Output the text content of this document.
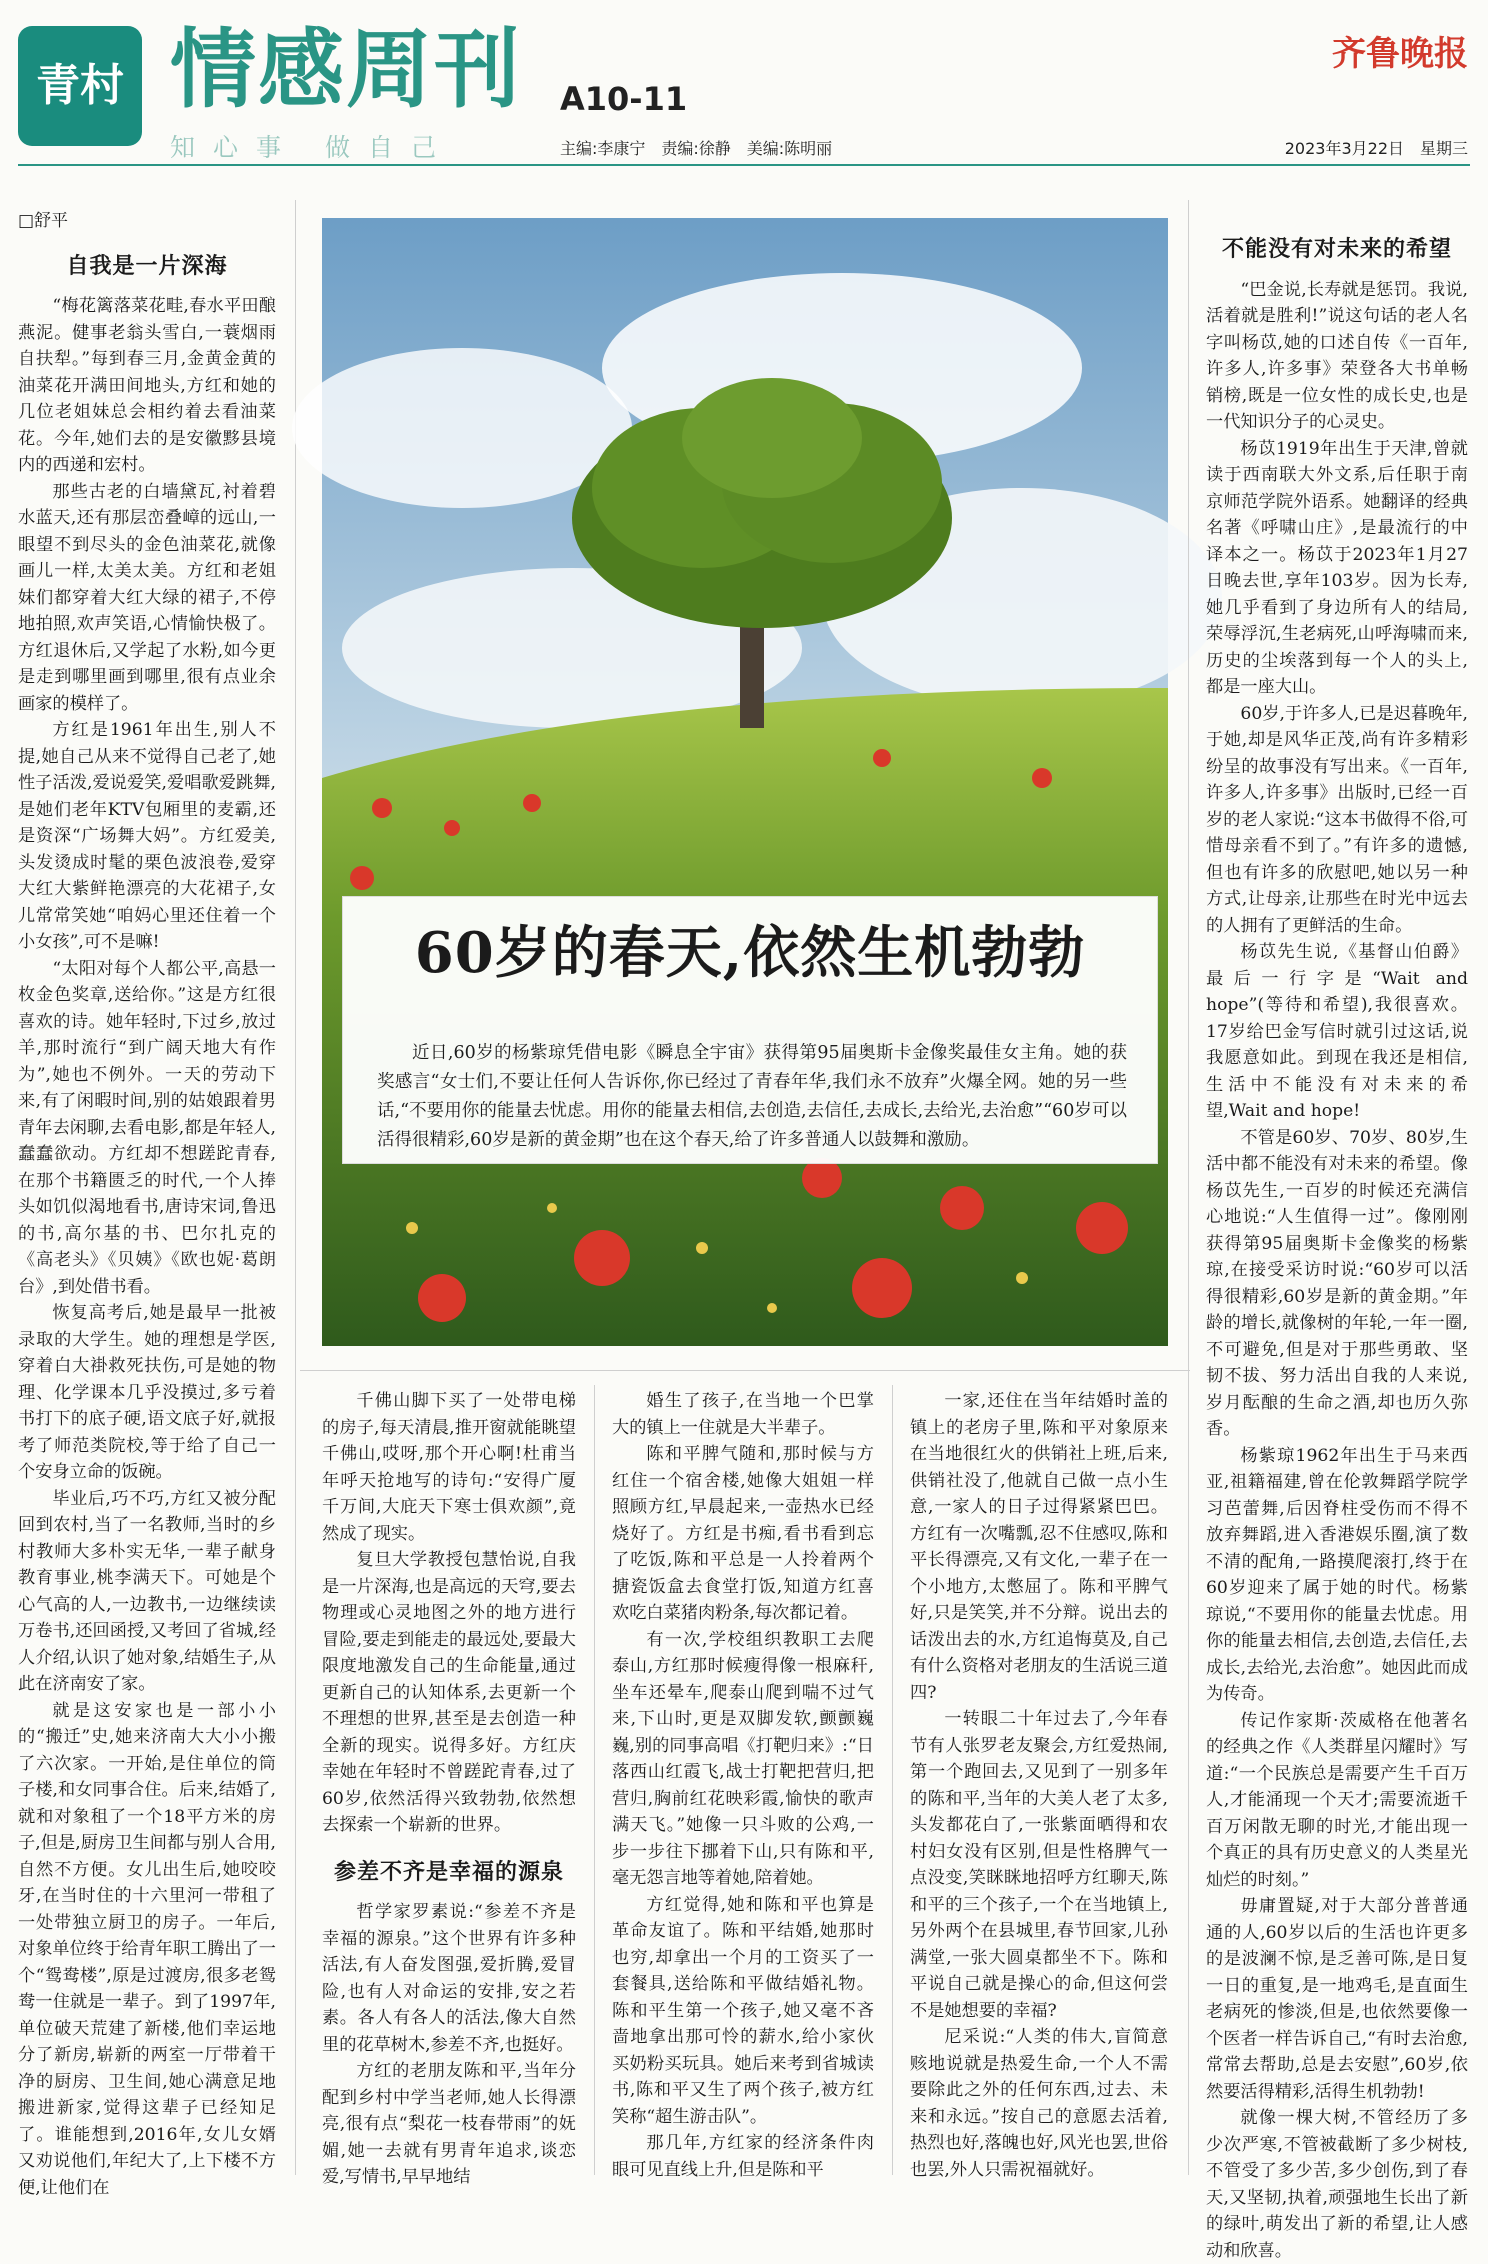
青村 情感周刊
知心事 做自己
A10-11
主编:李康宁　责编:徐静　美编:陈明丽
齐鲁晚报
2023年3月22日　星期三

□舒平

自我是一片深海

“梅花篱落菜花畦,春水平田酿燕泥。健事老翁头雪白,一蓑烟雨自扶犁。”每到春三月,金黄金黄的油菜花开满田间地头,方红和她的几位老姐妹总会相约着去看油菜花。今年,她们去的是安徽黟县境内的西递和宏村。

那些古老的白墙黛瓦,衬着碧水蓝天,还有那层峦叠嶂的远山,一眼望不到尽头的金色油菜花,就像画儿一样,太美太美。方红和老姐妹们都穿着大红大绿的裙子,不停地拍照,欢声笑语,心情愉快极了。方红退休后,又学起了水粉,如今更是走到哪里画到哪里,很有点业余画家的模样了。

方红是1961年出生,别人不提,她自己从来不觉得自己老了,她性子活泼,爱说爱笑,爱唱歌爱跳舞,是她们老年KTV包厢里的麦霸,还是资深“广场舞大妈”。方红爱美,头发烫成时髦的栗色波浪卷,爱穿大红大紫鲜艳漂亮的大花裙子,女儿常常笑她“咱妈心里还住着一个小女孩”,可不是嘛!

“太阳对每个人都公平,高悬一枚金色奖章,送给你。”这是方红很喜欢的诗。她年轻时,下过乡,放过羊,那时流行“到广阔天地大有作为”,她也不例外。一天的劳动下来,有了闲暇时间,别的姑娘跟着男青年去闲聊,去看电影,都是年轻人,蠢蠢欲动。方红却不想蹉跎青春,在那个书籍匮乏的时代,一个人捧头如饥似渴地看书,唐诗宋词,鲁迅的书,高尔基的书、巴尔扎克的《高老头》《贝姨》《欧也妮·葛朗台》,到处借书看。

恢复高考后,她是最早一批被录取的大学生。她的理想是学医,穿着白大褂救死扶伤,可是她的物理、化学课本几乎没摸过,多亏着书打下的底子硬,语文底子好,就报考了师范类院校,等于给了自己一个安身立命的饭碗。

毕业后,巧不巧,方红又被分配回到农村,当了一名教师,当时的乡村教师大多朴实无华,一辈子献身教育事业,桃李满天下。可她是个心气高的人,一边教书,一边继续读万卷书,还回函授,又考回了省城,经人介绍,认识了她对象,结婚生子,从此在济南安了家。

就是这安家也是一部小小的“搬迁”史,她来济南大大小小搬了六次家。一开始,是住单位的筒子楼,和女同事合住。后来,结婚了,就和对象租了一个18平方米的房子,但是,厨房卫生间都与别人合用,自然不方便。女儿出生后,她咬咬牙,在当时住的十六里河一带租了一处带独立厨卫的房子。一年后,对象单位终于给青年职工腾出了一个“鸳鸯楼”,原是过渡房,很多老鸳鸯一住就是一辈子。到了1997年,单位破天荒建了新楼,他们幸运地分了新房,崭新的两室一厅带着干净的厨房、卫生间,她心满意足地搬进新家,觉得这辈子已经知足了。谁能想到,2016年,女儿女婿又劝说他们,年纪大了,上下楼不方便,让他们在

60岁的春天,依然生机勃勃
近日,60岁的杨紫琼凭借电影《瞬息全宇宙》获得第95届奥斯卡金像奖最佳女主角。她的获奖感言“女士们,不要让任何人告诉你,你已经过了青春年华,我们永不放弃”火爆全网。她的另一些话,“不要用你的能量去忧虑。用你的能量去相信,去创造,去信任,去成长,去给光,去治愈”“60岁可以活得很精彩,60岁是新的黄金期”也在这个春天,给了许多普通人以鼓舞和激励。

千佛山脚下买了一处带电梯的房子,每天清晨,推开窗就能眺望千佛山,哎呀,那个开心啊!杜甫当年呼天抢地写的诗句:“安得广厦千万间,大庇天下寒士俱欢颜”,竟然成了现实。

复旦大学教授包慧怡说,自我是一片深海,也是高远的天穹,要去物理或心灵地图之外的地方进行冒险,要走到能走的最远处,要最大限度地激发自己的生命能量,通过更新自己的认知体系,去更新一个不理想的世界,甚至是去创造一种全新的现实。说得多好。方红庆幸她在年轻时不曾蹉跎青春,过了60岁,依然活得兴致勃勃,依然想去探索一个崭新的世界。

参差不齐是幸福的源泉

哲学家罗素说:“参差不齐是幸福的源泉。”这个世界有许多种活法,有人奋发图强,爱折腾,爱冒险,也有人对命运的安排,安之若素。各人有各人的活法,像大自然里的花草树木,参差不齐,也挺好。

方红的老朋友陈和平,当年分配到乡村中学当老师,她人长得漂亮,很有点“梨花一枝春带雨”的妩媚,她一去就有男青年追求,谈恋爱,写情书,早早地结

婚生了孩子,在当地一个巴掌大的镇上一住就是大半辈子。

陈和平脾气随和,那时候与方红住一个宿舍楼,她像大姐姐一样照顾方红,早晨起来,一壶热水已经烧好了。方红是书痴,看书看到忘了吃饭,陈和平总是一人拎着两个搪瓷饭盒去食堂打饭,知道方红喜欢吃白菜猪肉粉条,每次都记着。

有一次,学校组织教职工去爬泰山,方红那时候瘦得像一根麻秆,坐车还晕车,爬泰山爬到喘不过气来,下山时,更是双脚发软,颤颤巍巍,别的同事高唱《打靶归来》:“日落西山红霞飞,战士打靶把营归,把营归,胸前红花映彩霞,愉快的歌声满天飞。”她像一只斗败的公鸡,一步一步往下挪着下山,只有陈和平,毫无怨言地等着她,陪着她。

方红觉得,她和陈和平也算是革命友谊了。陈和平结婚,她那时也穷,却拿出一个月的工资买了一套餐具,送给陈和平做结婚礼物。陈和平生第一个孩子,她又毫不吝啬地拿出那可怜的薪水,给小家伙买奶粉买玩具。她后来考到省城读书,陈和平又生了两个孩子,被方红笑称“超生游击队”。

那几年,方红家的经济条件肉眼可见直线上升,但是陈和平

一家,还住在当年结婚时盖的镇上的老房子里,陈和平对象原来在当地很红火的供销社上班,后来,供销社没了,他就自己做一点小生意,一家人的日子过得紧紧巴巴。方红有一次嘴瓢,忍不住感叹,陈和平长得漂亮,又有文化,一辈子在一个小地方,太憋屈了。陈和平脾气好,只是笑笑,并不分辩。说出去的话泼出去的水,方红追悔莫及,自己有什么资格对老朋友的生活说三道四?

一转眼二十年过去了,今年春节有人张罗老友聚会,方红爱热闹,第一个跑回去,又见到了一别多年的陈和平,当年的大美人老了太多,头发都花白了,一张紫面晒得和农村妇女没有区别,但是性格脾气一点没变,笑眯眯地招呼方红聊天,陈和平的三个孩子,一个在当地镇上,另外两个在县城里,春节回家,儿孙满堂,一张大圆桌都坐不下。陈和平说自己就是操心的命,但这何尝不是她想要的幸福?

尼采说:“人类的伟大,盲简意赅地说就是热爱生命,一个人不需要除此之外的任何东西,过去、未来和永远。”按自己的意愿去活着,热烈也好,落魄也好,风光也罢,世俗也罢,外人只需祝福就好。

不能没有对未来的希望

“巴金说,长寿就是惩罚。我说,活着就是胜利!”说这句话的老人名字叫杨苡,她的口述自传《一百年,许多人,许多事》荣登各大书单畅销榜,既是一位女性的成长史,也是一代知识分子的心灵史。

杨苡1919年出生于天津,曾就读于西南联大外文系,后任职于南京师范学院外语系。她翻译的经典名著《呼啸山庄》,是最流行的中译本之一。杨苡于2023年1月27日晚去世,享年103岁。因为长寿,她几乎看到了身边所有人的结局,荣辱浮沉,生老病死,山呼海啸而来,历史的尘埃落到每一个人的头上,都是一座大山。

60岁,于许多人,已是迟暮晚年,于她,却是风华正茂,尚有许多精彩纷呈的故事没有写出来。《一百年,许多人,许多事》出版时,已经一百岁的老人家说:“这本书做得不俗,可惜母亲看不到了。”有许多的遗憾,但也有许多的欣慰吧,她以另一种方式,让母亲,让那些在时光中远去的人拥有了更鲜活的生命。

杨苡先生说,《基督山伯爵》最后一行字是“Wait and hope”(等待和希望),我很喜欢。17岁给巴金写信时就引过这话,说我愿意如此。到现在我还是相信,生活中不能没有对未来的希望,Wait and hope!

不管是60岁、70岁、80岁,生活中都不能没有对未来的希望。像杨苡先生,一百岁的时候还充满信心地说:“人生值得一过”。像刚刚获得第95届奥斯卡金像奖的杨紫琼,在接受采访时说:“60岁可以活得很精彩,60岁是新的黄金期。”年龄的增长,就像树的年轮,一年一圈,不可避免,但是对于那些勇敢、坚韧不拔、努力活出自我的人来说,岁月酝酿的生命之酒,却也历久弥香。

杨紫琼1962年出生于马来西亚,祖籍福建,曾在伦敦舞蹈学院学习芭蕾舞,后因脊柱受伤而不得不放弃舞蹈,进入香港娱乐圈,演了数不清的配角,一路摸爬滚打,终于在60岁迎来了属于她的时代。杨紫琼说,“不要用你的能量去忧虑。用你的能量去相信,去创造,去信任,去成长,去给光,去治愈”。她因此而成为传奇。

传记作家斯·茨威格在他著名的经典之作《人类群星闪耀时》写道:“一个民族总是需要产生千百万人,才能涌现一个天才;需要流逝千百万闲散无聊的时光,才能出现一个真正的具有历史意义的人类星光灿烂的时刻。”

毋庸置疑,对于大部分普普通通的人,60岁以后的生活也许更多的是波澜不惊,是乏善可陈,是日复一日的重复,是一地鸡毛,是直面生老病死的惨淡,但是,也依然要像一个医者一样告诉自己,“有时去治愈,常常去帮助,总是去安慰”,60岁,依然要活得精彩,活得生机勃勃!

就像一棵大树,不管经历了多少次严寒,不管被截断了多少树枝,不管受了多少苦,多少创伤,到了春天,又坚韧,执着,顽强地生长出了新的绿叶,萌发出了新的希望,让人感动和欣喜。
